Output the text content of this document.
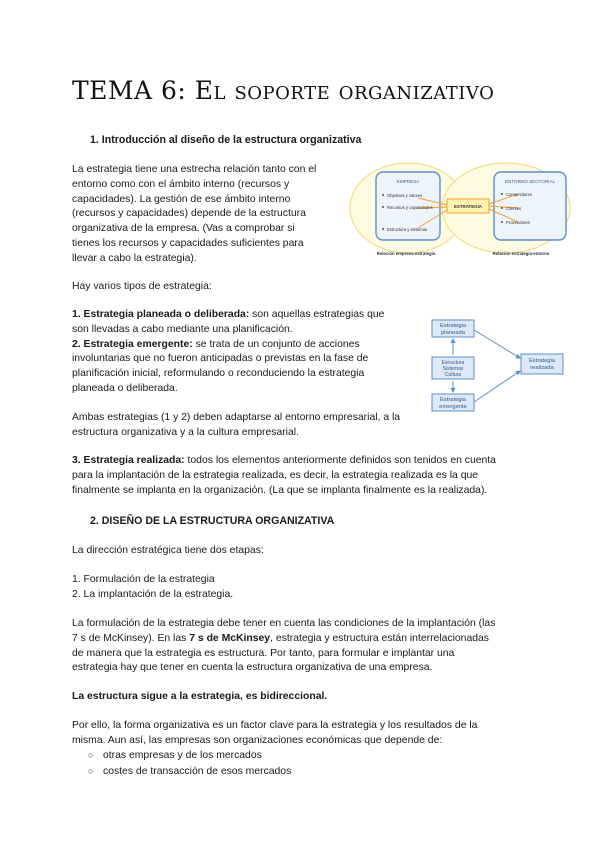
TEMA 6: El soporte organizativo
1. Introducción al diseño de la estructura organizativa
La estrategia tiene una estrecha relación tanto con el
entorno como con el ámbito interno (recursos y
capacidades). La gestión de ese ámbito interno
(recursos y capacidades) depende de la estructura
organizativa de la empresa. (Vas a comprobar si
tienes los recursos y capacidades suficientes para
llevar a cabo la estrategia).
EMPRESA
Objetivos y valores
Recursos y capacidades
Estructura y sistemas
ESTRATEGIA
ENTORNO SECTORIAL
Competidores
Clientes
Proveedores
Relación empresa-estrategia	Relación estrategia-entorno
Hay varios tipos de estrategia:
1. Estrategia planeada o deliberada: son aquellas estrategias que
son llevadas a cabo mediante una planificación.
2. Estrategia emergente: se trata de un conjunto de acciones
involuntarias que no fueron anticipadas o previstas en la fase de
planificación inicial, reformulando o reconduciendo la estrategia
planeada o deliberada.
Estrategia
planeada
Estructura
Sistemas
Cultura
Estrategia
emergente
Estrategia
realizada
Ambas estrategias (1 y 2) deben adaptarse al entorno empresarial, a la
estructura organizativa y a la cultura empresarial.
3. Estrategia realizada: todos los elementos anteriormente definidos son tenidos en cuenta
para la implantación de la estrategia realizada, es decir, la estrategia realizada es la que
finalmente se implanta en la organización. (La que se implanta finalmente es la realizada).
2. DISEÑO DE LA ESTRUCTURA ORGANIZATIVA
La dirección estratégica tiene dos etapas:
1. Formulación de la estrategia
2. La implantación de la estrategia.
La formulación de la estrategia debe tener en cuenta las condiciones de la implantación (las
7 s de McKinsey). En las 7 s de McKinsey, estrategia y estructura están interrelacionadas
de manera que la estrategia es estructura. Por tanto, para formular e implantar una
estrategia hay que tener en cuenta la estructura organizativa de una empresa.
La estructura sigue a la estrategia, es bidireccional.
Por ello, la forma organizativa es un factor clave para la estrategia y los resultados de la
misma. Aun así, las empresas son organizaciones económicas que depende de:
○ otras empresas y de los mercados
○ costes de transacción de esos mercados
